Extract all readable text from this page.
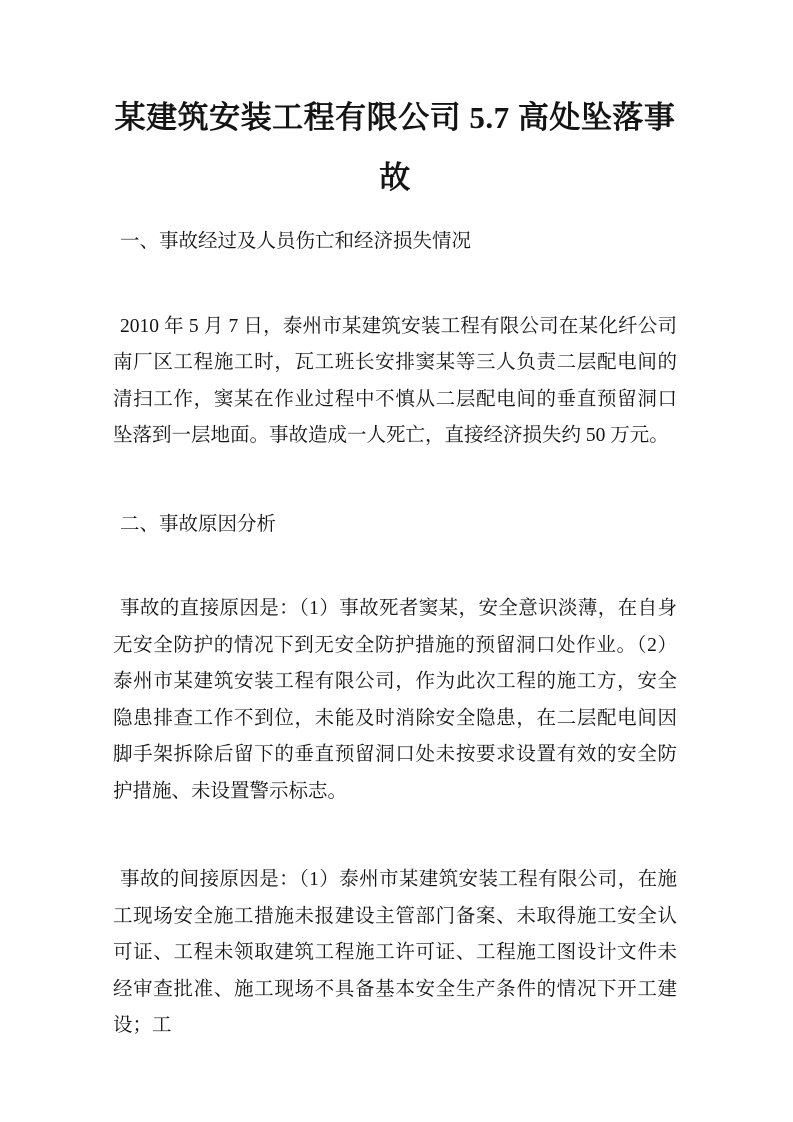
某建筑安装工程有限公司 5.7 高处坠落事故

一、事故经过及人员伤亡和经济损失情况

2010 年 5 月 7 日，泰州市某建筑安装工程有限公司在某化纤公司南厂区工程施工时，瓦工班长安排窦某等三人负责二层配电间的清扫工作，窦某在作业过程中不慎从二层配电间的垂直预留洞口坠落到一层地面。事故造成一人死亡，直接经济损失约 50 万元。

二、事故原因分析

事故的直接原因是：（1）事故死者窦某，安全意识淡薄，在自身无安全防护的情况下到无安全防护措施的预留洞口处作业。（2）泰州市某建筑安装工程有限公司，作为此次工程的施工方，安全隐患排查工作不到位，未能及时消除安全隐患，在二层配电间因脚手架拆除后留下的垂直预留洞口处未按要求设置有效的安全防护措施、未设置警示标志。

事故的间接原因是：（1）泰州市某建筑安装工程有限公司，在施工现场安全施工措施未报建设主管部门备案、未取得施工安全认可证、工程未领取建筑工程施工许可证、工程施工图设计文件未经审查批准、施工现场不具备基本安全生产条件的情况下开工建设；工
